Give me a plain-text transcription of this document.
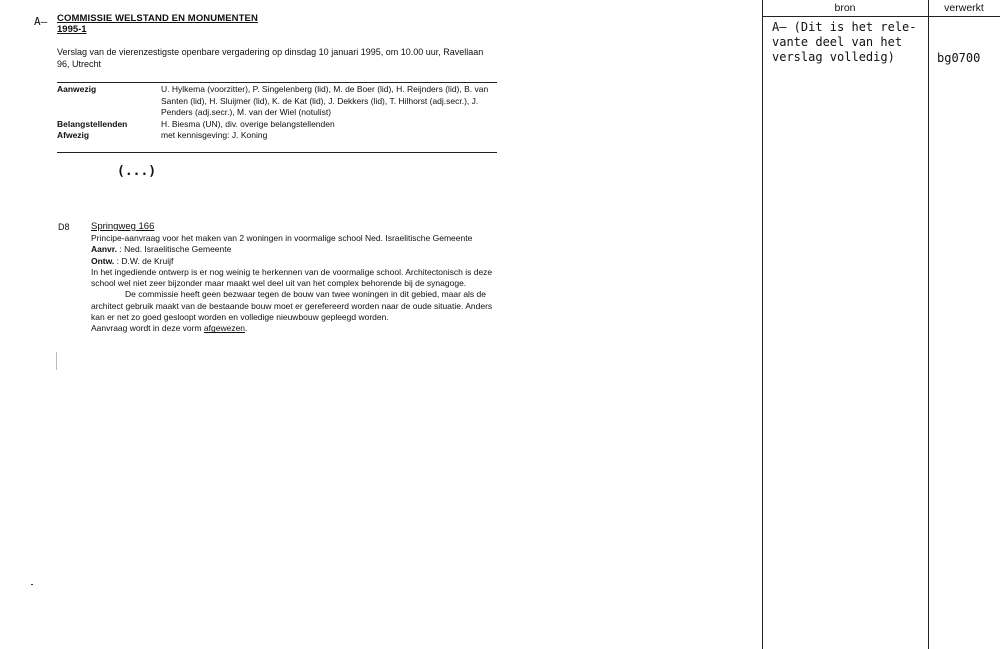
A— COMMISSIE WELSTAND EN MONUMENTEN
1995-1
Verslag van de vierenzestigste openbare vergadering op dinsdag 10 januari 1995, om 10.00 uur, Ravellaan 96, Utrecht
Aanwezig	U. Hylkema (voorzitter), P. Singelenberg (lid), M. de Boer (lid), H. Reijnders (lid), B. van Santen (lid), H. Sluijmer (lid), K. de Kat (lid), J. Dekkers (lid), T. Hilhorst (adj.secr.), J. Penders (adj.secr.), M. van der Wiel (notulist)
Belangstellenden	H. Biesma (UN), div. overige belangstellenden
Afwezig	met kennisgeving: J. Koning
(...)
D8 Springweg 166

Principe-aanvraag voor het maken van 2 woningen in voormalige school Ned. Israelitische Gemeente

Aanvr. : Ned. Israelitische Gemeente

Ontw. : D.W. de Kruijf

In het ingediende ontwerp is er nog weinig te herkennen van de voormalige school. Architectonisch is deze school wel niet zeer bijzonder maar maakt wel deel uit van het complex behorende bij de synagoge.

De commissie heeft geen bezwaar tegen de bouw van twee woningen in dit gebied, maar als de architect gebruik maakt van de bestaande bouw moet er gerefereerd worden naar de oude situatie. Anders kan er net zo goed gesloopt worden en volledige nieuwbouw gepleegd worden.

Aanvraag wordt in deze vorm afgewezen.

bron	verwerkt
A— (Dit is het rele-
vante deel van het
verslag volledig)	bg0700
